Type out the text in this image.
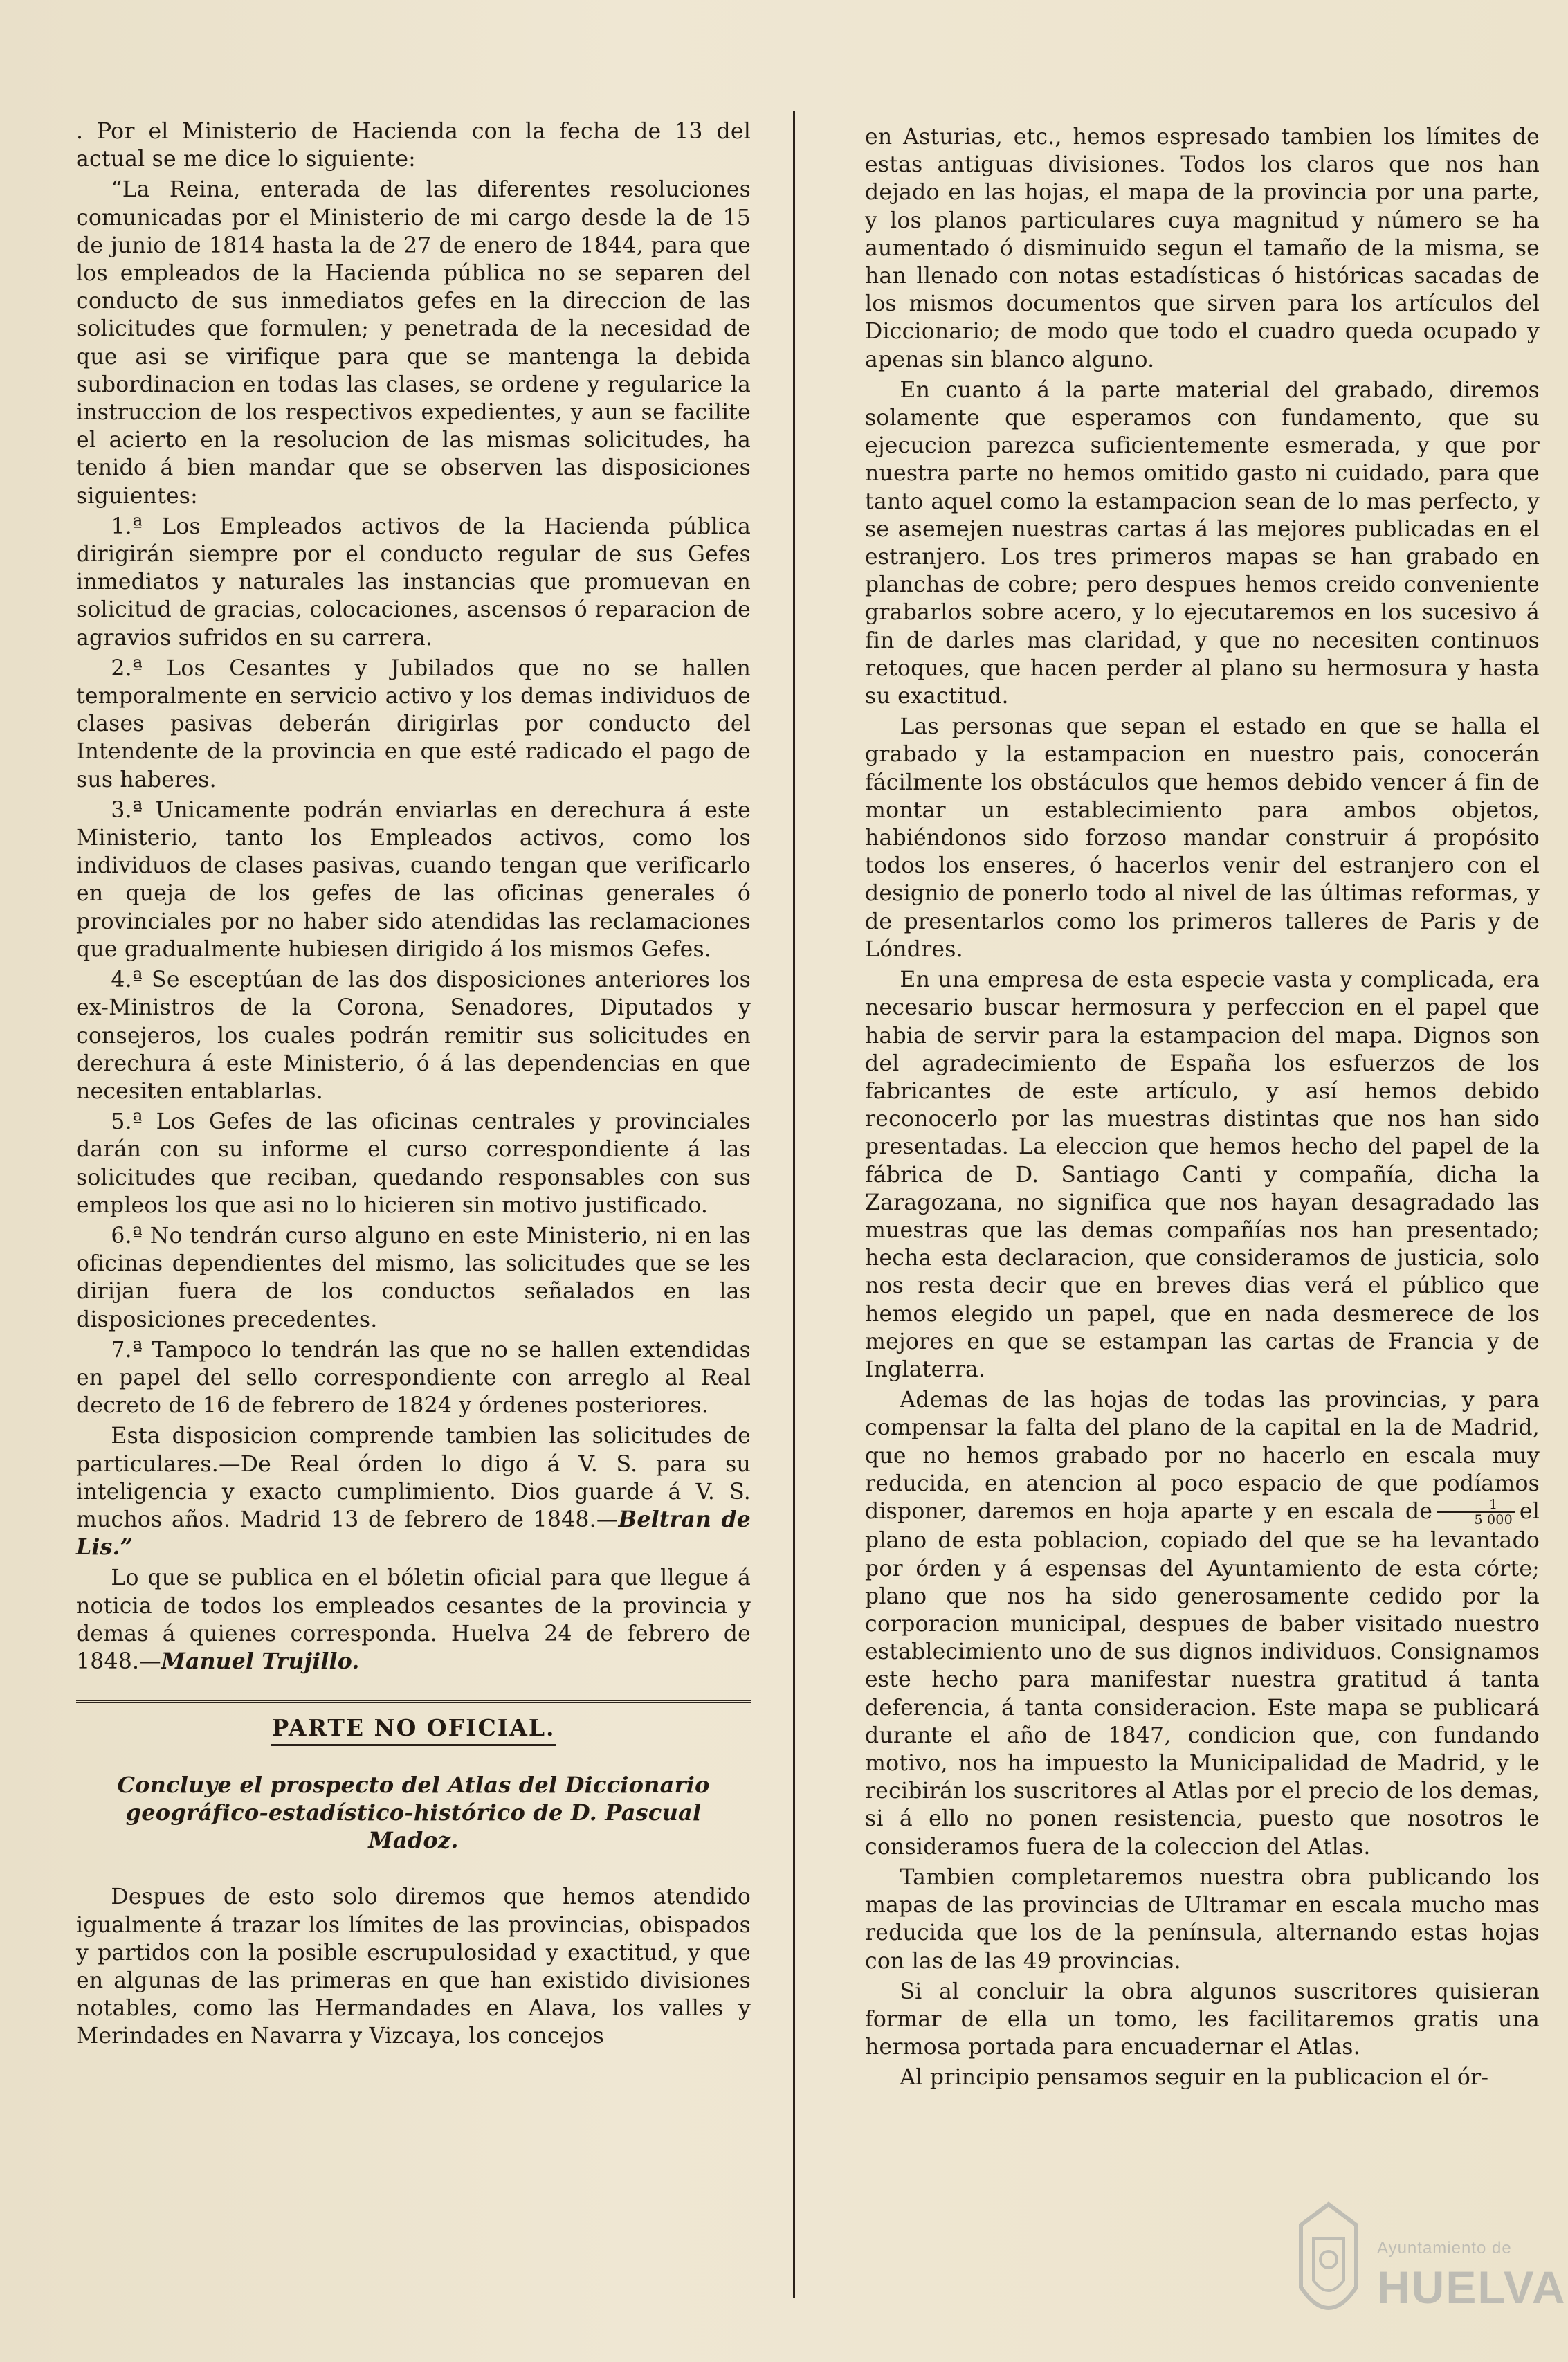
. Por el Ministerio de Hacienda con la fecha de 13 del actual se me dice lo siguiente:

“La Reina, enterada de las diferentes resoluciones comunicadas por el Ministerio de mi cargo desde la de 15 de junio de 1814 hasta la de 27 de enero de 1844, para que los empleados de la Hacienda pública no se separen del conducto de sus inmediatos gefes en la direccion de las solicitudes que formulen; y penetrada de la necesidad de que asi se virifique para que se mantenga la debida subordinacion en todas las clases, se ordene y regularice la instruccion de los respectivos expedientes, y aun se facilite el acierto en la resolucion de las mismas solicitudes, ha tenido á bien mandar que se observen las disposiciones siguientes:

1.ª Los Empleados activos de la Hacienda pública dirigirán siempre por el conducto regular de sus Gefes inmediatos y naturales las instancias que promuevan en solicitud de gracias, colocaciones, ascensos ó reparacion de agravios sufridos en su carrera.

2.ª Los Cesantes y Jubilados que no se hallen temporalmente en servicio activo y los demas individuos de clases pasivas deberán dirigirlas por conducto del Intendente de la provincia en que esté radicado el pago de sus haberes.

3.ª Unicamente podrán enviarlas en derechura á este Ministerio, tanto los Empleados activos, como los individuos de clases pasivas, cuando tengan que verificarlo en queja de los gefes de las oficinas generales ó provinciales por no haber sido atendidas las reclamaciones que gradualmente hubiesen dirigido á los mismos Gefes.

4.ª Se esceptúan de las dos disposiciones anteriores los ex-Ministros de la Corona, Senadores, Diputados y consejeros, los cuales podrán remitir sus solicitudes en derechura á este Ministerio, ó á las dependencias en que necesiten entablarlas.

5.ª Los Gefes de las oficinas centrales y provinciales darán con su informe el curso correspondiente á las solicitudes que reciban, quedando responsables con sus empleos los que asi no lo hicieren sin motivo justificado.

6.ª No tendrán curso alguno en este Ministerio, ni en las oficinas dependientes del mismo, las solicitudes que se les dirijan fuera de los conductos señalados en las disposiciones precedentes.

7.ª Tampoco lo tendrán las que no se hallen extendidas en papel del sello correspondiente con arreglo al Real decreto de 16 de febrero de 1824 y órdenes posteriores.

Esta disposicion comprende tambien las solicitudes de particulares.—De Real órden lo digo á V. S. para su inteligencia y exacto cumplimiento. Dios guarde á V. S. muchos años. Madrid 13 de febrero de 1848.—Beltran de Lis.”

Lo que se publica en el bóletin oficial para que llegue á noticia de todos los empleados cesantes de la provincia y demas á quienes corresponda. Huelva 24 de febrero de 1848.—Manuel Trujillo.

PARTE NO OFICIAL.
Concluye el prospecto del Atlas del Diccionario geográfico-estadístico-histórico de D. Pascual Madoz.

Despues de esto solo diremos que hemos atendido igualmente á trazar los límites de las provincias, obispados y partidos con la posible escrupulosidad y exactitud, y que en algunas de las primeras en que han existido divisiones notables, como las Hermandades en Alava, los valles y Merindades en Navarra y Vizcaya, los concejos

en Asturias, etc., hemos espresado tambien los límites de estas antiguas divisiones. Todos los claros que nos han dejado en las hojas, el mapa de la provincia por una parte, y los planos particulares cuya magnitud y número se ha aumentado ó disminuido segun el tamaño de la misma, se han llenado con notas estadísticas ó históricas sacadas de los mismos documentos que sirven para los artículos del Diccionario; de modo que todo el cuadro queda ocupado y apenas sin blanco alguno.

En cuanto á la parte material del grabado, diremos solamente que esperamos con fundamento, que su ejecucion parezca suficientemente esmerada, y que por nuestra parte no hemos omitido gasto ni cuidado, para que tanto aquel como la estampacion sean de lo mas perfecto, y se asemejen nuestras cartas á las mejores publicadas en el estranjero. Los tres primeros mapas se han grabado en planchas de cobre; pero despues hemos creido conveniente grabarlos sobre acero, y lo ejecutaremos en los sucesivo á fin de darles mas claridad, y que no necesiten continuos retoques, que hacen perder al plano su hermosura y hasta su exactitud.

Las personas que sepan el estado en que se halla el grabado y la estampacion en nuestro pais, conocerán fácilmente los obstáculos que hemos debido vencer á fin de montar un establecimiento para ambos objetos, habiéndonos sido forzoso mandar construir á propósito todos los enseres, ó hacerlos venir del estranjero con el designio de ponerlo todo al nivel de las últimas reformas, y de presentarlos como los primeros talleres de Paris y de Lóndres.

En una empresa de esta especie vasta y complicada, era necesario buscar hermosura y perfeccion en el papel que habia de servir para la estampacion del mapa. Dignos son del agradecimiento de España los esfuerzos de los fabricantes de este artículo, y así hemos debido reconocerlo por las muestras distintas que nos han sido presentadas. La eleccion que hemos hecho del papel de la fábrica de D. Santiago Canti y compañía, dicha la Zaragozana, no significa que nos hayan desagradado las muestras que las demas compañías nos han presentado; hecha esta declaracion, que consideramos de justicia, solo nos resta decir que en breves dias verá el público que hemos elegido un papel, que en nada desmerece de los mejores en que se estampan las cartas de Francia y de Inglaterra.

Ademas de las hojas de todas las provincias, y para compensar la falta del plano de la capital en la de Madrid, que no hemos grabado por no hacerlo en escala muy reducida, en atencion al poco espacio de que podíamos disponer, daremos en hoja aparte y en escala de $\frac{1}{5 000}$ el plano de esta poblacion, copiado del que se ha levantado por órden y á espensas del Ayuntamiento de esta córte; plano que nos ha sido generosamente cedido por la corporacion municipal, despues de baber visitado nuestro establecimiento uno de sus dignos individuos. Consignamos este hecho para manifestar nuestra gratitud á tanta deferencia, á tanta consideracion. Este mapa se publicará durante el año de 1847, condicion que, con fundando motivo, nos ha impuesto la Municipalidad de Madrid, y le recibirán los suscritores al Atlas por el precio de los demas, si á ello no ponen resistencia, puesto que nosotros le consideramos fuera de la coleccion del Atlas.

Tambien completaremos nuestra obra publicando los mapas de las provincias de Ultramar en escala mucho mas reducida que los de la península, alternando estas hojas con las de las 49 provincias.

Si al concluir la obra algunos suscritores quisieran formar de ella un tomo, les facilitaremos gratis una hermosa portada para encuadernar el Atlas.

Al principio pensamos seguir en la publicacion el ór-

Ayuntamiento de
HUELVA
